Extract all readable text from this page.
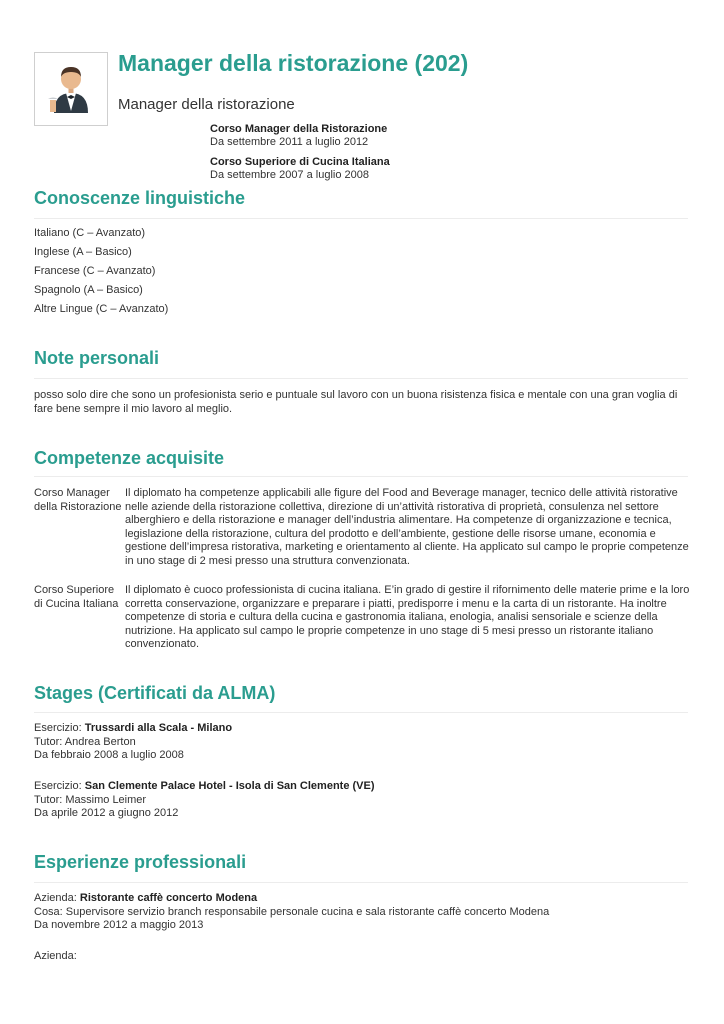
Manager della ristorazione (202)
Manager della ristorazione
Corso Manager della Ristorazione
Da settembre 2011 a luglio 2012
Corso Superiore di Cucina Italiana
Da settembre 2007 a luglio 2008
Conoscenze linguistiche
Italiano (C – Avanzato)
Inglese (A – Basico)
Francese (C – Avanzato)
Spagnolo (A – Basico)
Altre Lingue (C – Avanzato)
Note personali
posso solo dire che sono un profesionista serio e puntuale sul lavoro con un buona risistenza fisica e mentale con una gran voglia di fare bene sempre il mio lavoro al meglio.
Competenze acquisite
Corso Manager della Ristorazione
Il diplomato ha competenze applicabili alle figure del Food and Beverage manager, tecnico delle attività ristorative nelle aziende della ristorazione collettiva, direzione di un’attività ristorativa di proprietà, consulenza nel settore alberghiero e della ristorazione e manager dell’industria alimentare. Ha competenze di organizzazione e tecnica, legislazione della ristorazione, cultura del prodotto e dell’ambiente, gestione delle risorse umane, economia e gestione dell’impresa ristorativa, marketing e orientamento al cliente. Ha applicato sul campo le proprie competenze in uno stage di 2 mesi presso una struttura convenzionata.
Corso Superiore di Cucina Italiana
Il diplomato è cuoco professionista di cucina italiana. E’in grado di gestire il rifornimento delle materie prime e la loro corretta conservazione, organizzare e preparare i piatti, predisporre i menu e la carta di un ristorante. Ha inoltre competenze di storia e cultura della cucina e gastronomia italiana, enologia, analisi sensoriale e scienze della nutrizione. Ha applicato sul campo le proprie competenze in uno stage di 5 mesi presso un ristorante italiano convenzionato.
Stages (Certificati da ALMA)
Esercizio: Trussardi alla Scala - Milano
Tutor: Andrea Berton
Da febbraio 2008 a luglio 2008
Esercizio: San Clemente Palace Hotel - Isola di San Clemente (VE)
Tutor: Massimo Leimer
Da aprile 2012 a giugno 2012
Esperienze professionali
Azienda: Ristorante caffè concerto Modena
Cosa: Supervisore servizio branch responsabile personale cucina e sala ristorante caffè concerto Modena
Da novembre 2012 a maggio 2013
Azienda:
